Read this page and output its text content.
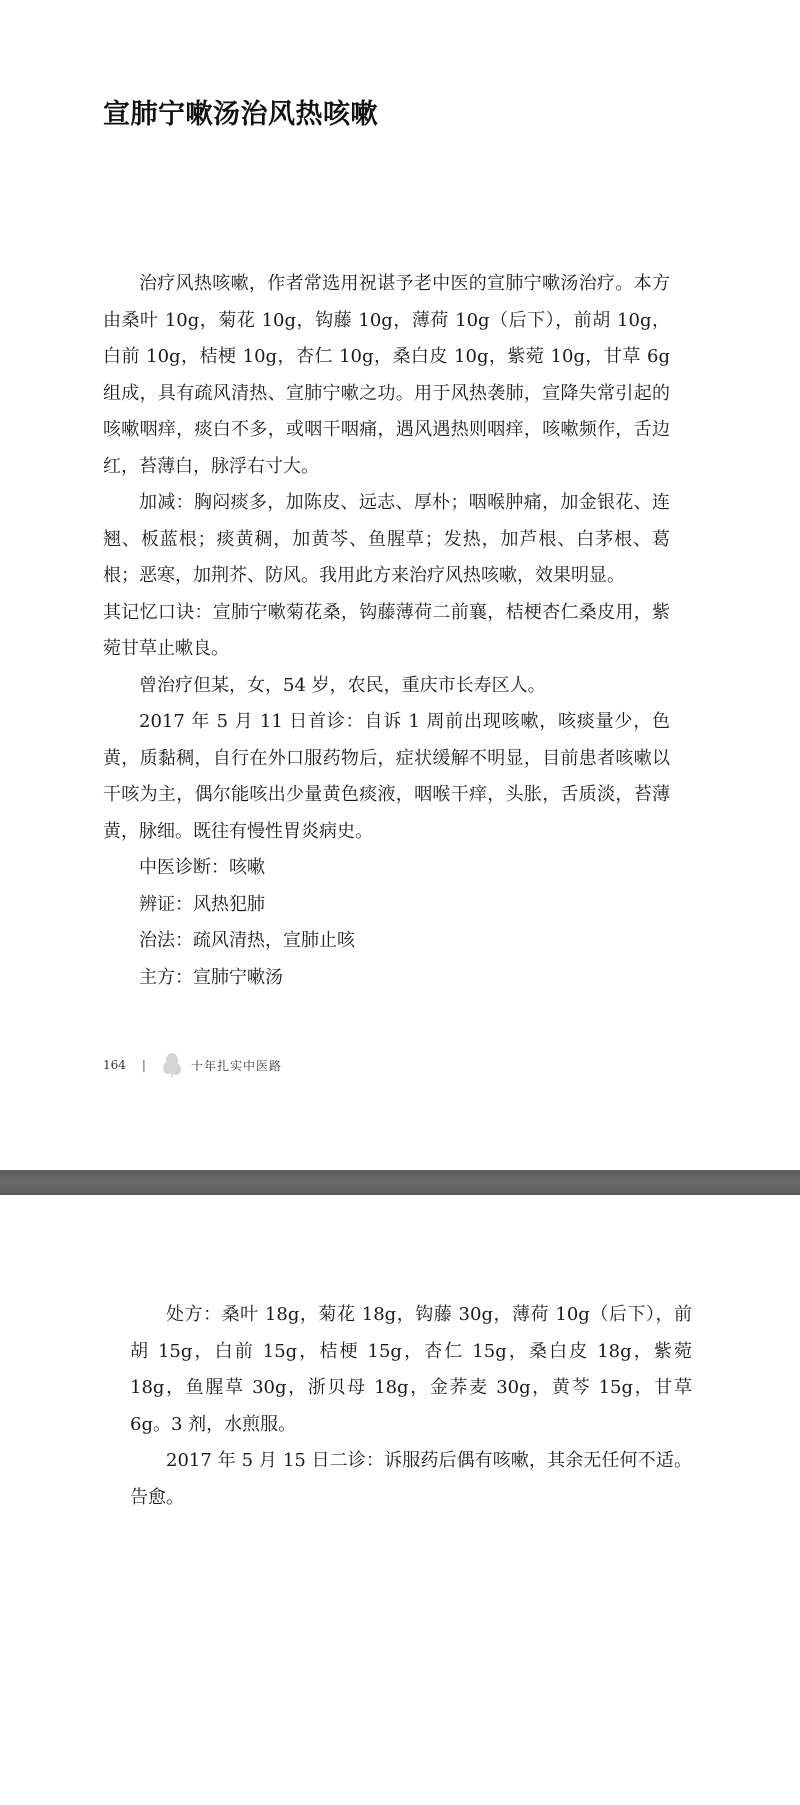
宣肺宁嗽汤治风热咳嗽

治疗风热咳嗽，作者常选用祝谌予老中医的宣肺宁嗽汤治疗。本方由桑叶 10g，菊花 10g，钩藤 10g，薄荷 10g（后下），前胡 10g，白前 10g，桔梗 10g，杏仁 10g，桑白皮 10g，紫菀 10g，甘草 6g 组成，具有疏风清热、宣肺宁嗽之功。用于风热袭肺，宣降失常引起的咳嗽咽痒，痰白不多，或咽干咽痛，遇风遇热则咽痒，咳嗽频作，舌边红，苔薄白，脉浮右寸大。

加减：胸闷痰多，加陈皮、远志、厚朴；咽喉肿痛，加金银花、连翘、板蓝根；痰黄稠，加黄芩、鱼腥草；发热，加芦根、白茅根、葛根；恶寒，加荆芥、防风。我用此方来治疗风热咳嗽，效果明显。

其记忆口诀：宣肺宁嗽菊花桑，钩藤薄荷二前襄，桔梗杏仁桑皮用，紫菀甘草止嗽良。

曾治疗但某，女，54 岁，农民，重庆市长寿区人。

2017 年 5 月 11 日首诊：自诉 1 周前出现咳嗽，咳痰量少，色黄，质黏稠，自行在外口服药物后，症状缓解不明显，目前患者咳嗽以干咳为主，偶尔能咳出少量黄色痰液，咽喉干痒，头胀，舌质淡，苔薄黄，脉细。既往有慢性胃炎病史。

中医诊断：咳嗽

辨证：风热犯肺

治法：疏风清热，宣肺止咳

主方：宣肺宁嗽汤

164 |	十年扎实中医路

处方：桑叶 18g，菊花 18g，钩藤 30g，薄荷 10g（后下），前胡 15g，白前 15g，桔梗 15g，杏仁 15g，桑白皮 18g，紫菀 18g，鱼腥草 30g，浙贝母 18g，金荞麦 30g，黄芩 15g，甘草 6g。3 剂，水煎服。

2017 年 5 月 15 日二诊：诉服药后偶有咳嗽，其余无任何不适。告愈。
